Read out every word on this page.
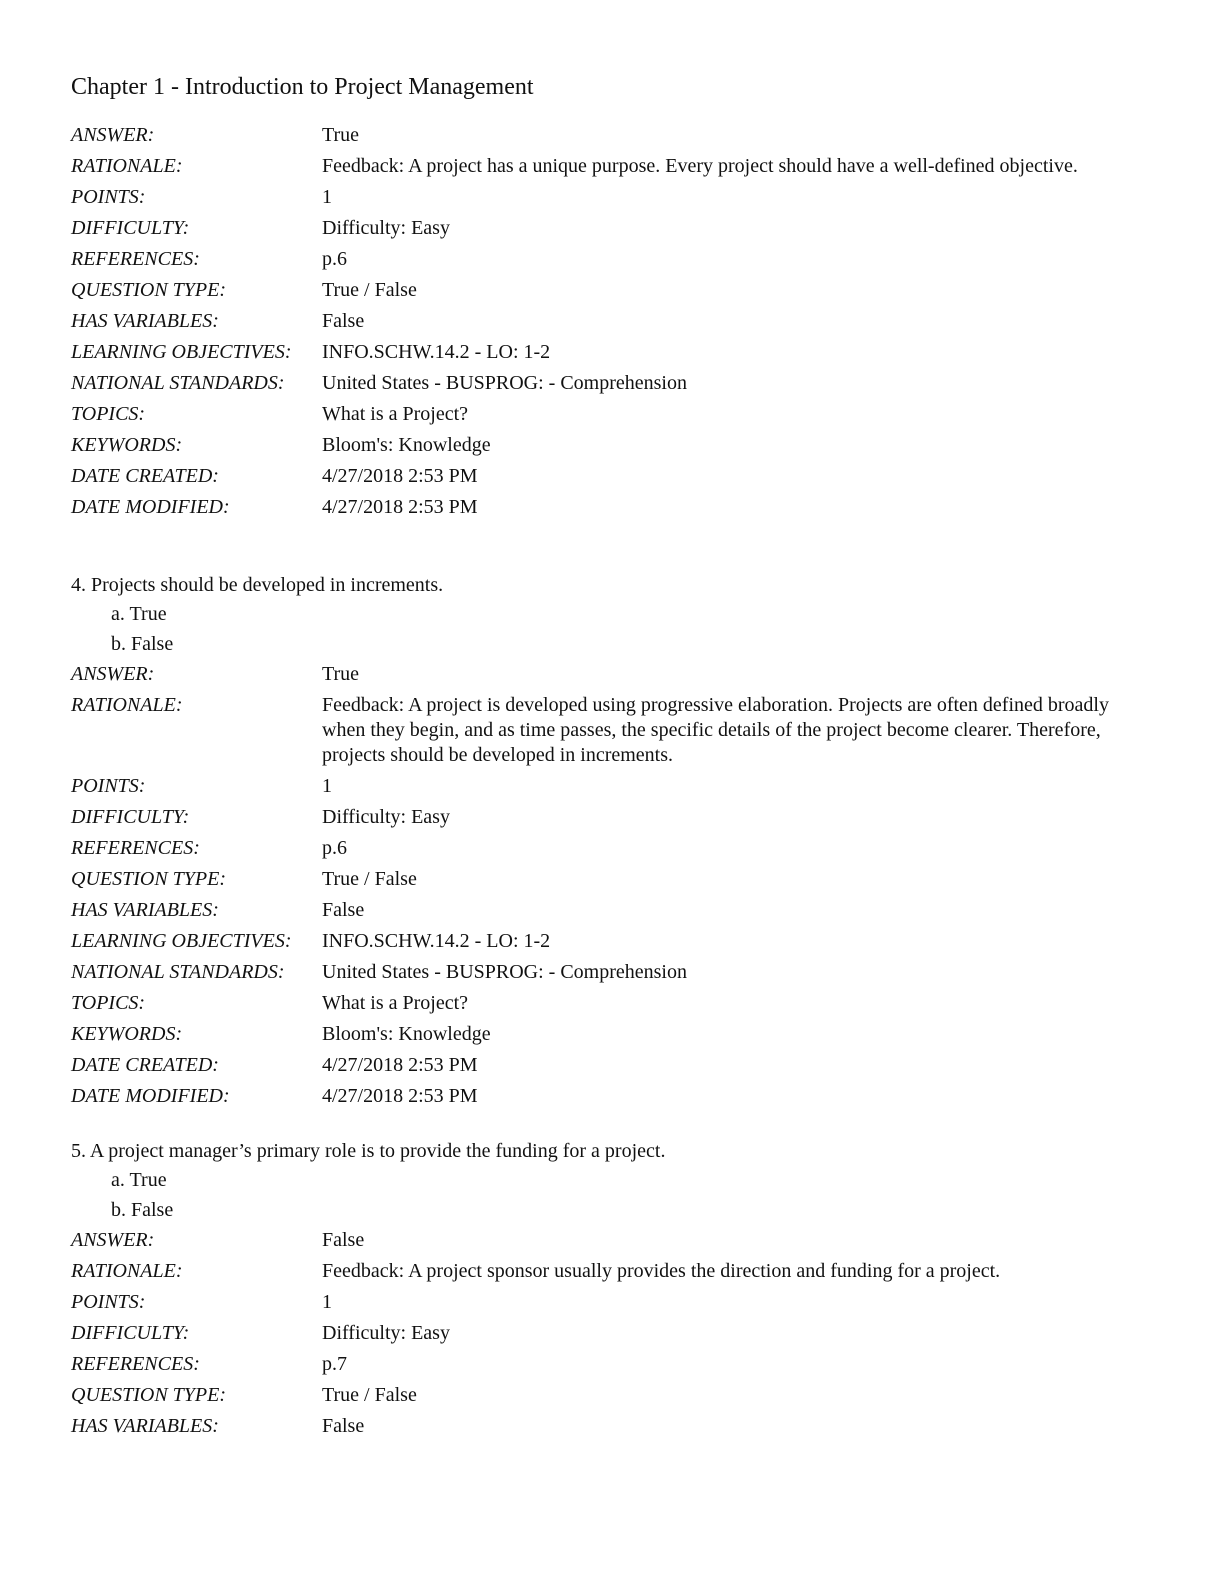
Chapter 1 - Introduction to Project Management
ANSWER:	True
RATIONALE:	Feedback: A project has a unique purpose. Every project should have a well-defined objective.
POINTS:	1
DIFFICULTY:	Difficulty: Easy
REFERENCES:	p.6
QUESTION TYPE:	True / False
HAS VARIABLES:	False
LEARNING OBJECTIVES:	INFO.SCHW.14.2 - LO: 1-2
NATIONAL STANDARDS:	United States - BUSPROG: - Comprehension
TOPICS:	What is a Project?
KEYWORDS:	Bloom's: Knowledge
DATE CREATED:	4/27/2018 2:53 PM
DATE MODIFIED:	4/27/2018 2:53 PM
4. Projects should be developed in increments.
a. True
b. False
ANSWER:	True
RATIONALE:	Feedback: A project is developed using progressive elaboration. Projects are often defined broadly when they begin, and as time passes, the specific details of the project become clearer. Therefore, projects should be developed in increments.
POINTS:	1
DIFFICULTY:	Difficulty: Easy
REFERENCES:	p.6
QUESTION TYPE:	True / False
HAS VARIABLES:	False
LEARNING OBJECTIVES:	INFO.SCHW.14.2 - LO: 1-2
NATIONAL STANDARDS:	United States - BUSPROG: - Comprehension
TOPICS:	What is a Project?
KEYWORDS:	Bloom's: Knowledge
DATE CREATED:	4/27/2018 2:53 PM
DATE MODIFIED:	4/27/2018 2:53 PM
5. A project manager’s primary role is to provide the funding for a project.
a. True
b. False
ANSWER:	False
RATIONALE:	Feedback: A project sponsor usually provides the direction and funding for a project.
POINTS:	1
DIFFICULTY:	Difficulty: Easy
REFERENCES:	p.7
QUESTION TYPE:	True / False
HAS VARIABLES:	False
